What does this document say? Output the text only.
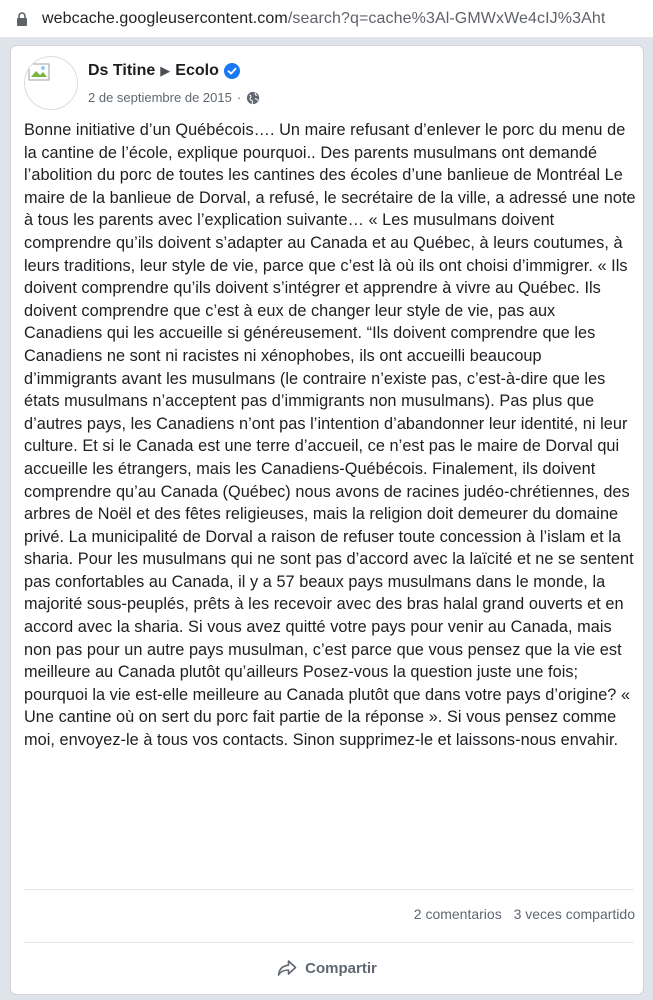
webcache.googleusercontent.com/search?q=cache%3Al-GMWxWe4cIJ%3Aht
Ds Titine ▶ Ecolo
2 de septiembre de 2015 ·

Bonne initiative d’un Québécois…. Un maire refusant d’enlever le porc du menu de la cantine de l’école, explique pourquoi.. Des parents musulmans ont demandé l’abolition du porc de toutes les cantines des écoles d’une banlieue de Montréal Le maire de la banlieue de Dorval, a refusé, le secrétaire de la ville, a adressé une note à tous les parents avec l’explication suivante… « Les musulmans doivent comprendre qu’ils doivent s’adapter au Canada et au Québec, à leurs coutumes, à leurs traditions, leur style de vie, parce que c’est là où ils ont choisi d’immigrer. « Ils doivent comprendre qu’ils doivent s’intégrer et apprendre à vivre au Québec. Ils doivent comprendre que c’est à eux de changer leur style de vie, pas aux Canadiens qui les accueille si généreusement. “Ils doivent comprendre que les Canadiens ne sont ni racistes ni xénophobes, ils ont accueilli beaucoup d’immigrants avant les musulmans (le contraire n’existe pas, c’est-à-dire que les états musulmans n’acceptent pas d’immigrants non musulmans). Pas plus que d’autres pays, les Canadiens n’ont pas l’intention d’abandonner leur identité, ni leur culture. Et si le Canada est une terre d’accueil, ce n’est pas le maire de Dorval qui accueille les étrangers, mais les Canadiens-Québécois. Finalement, ils doivent comprendre qu’au Canada (Québec) nous avons de racines judéo-chrétiennes, des arbres de Noël et des fêtes religieuses, mais la religion doit demeurer du domaine privé. La municipalité de Dorval a raison de refuser toute concession à l’islam et la sharia. Pour les musulmans qui ne sont pas d’accord avec la laïcité et ne se sentent pas confortables au Canada, il y a 57 beaux pays musulmans dans le monde, la majorité sous-peuplés, prêts à les recevoir avec des bras halal grand ouverts et en accord avec la sharia. Si vous avez quitté votre pays pour venir au Canada, mais non pas pour un autre pays musulman, c’est parce que vous pensez que la vie est meilleure au Canada plutôt qu’ailleurs Posez-vous la question juste une fois; pourquoi la vie est-elle meilleure au Canada plutôt que dans votre pays d’origine? « Une cantine où on sert du porc fait partie de la réponse ». Si vous pensez comme moi, envoyez-le à tous vos contacts. Sinon supprimez-le et laissons-nous envahir.

2 comentarios 3 veces compartido
Compartir
